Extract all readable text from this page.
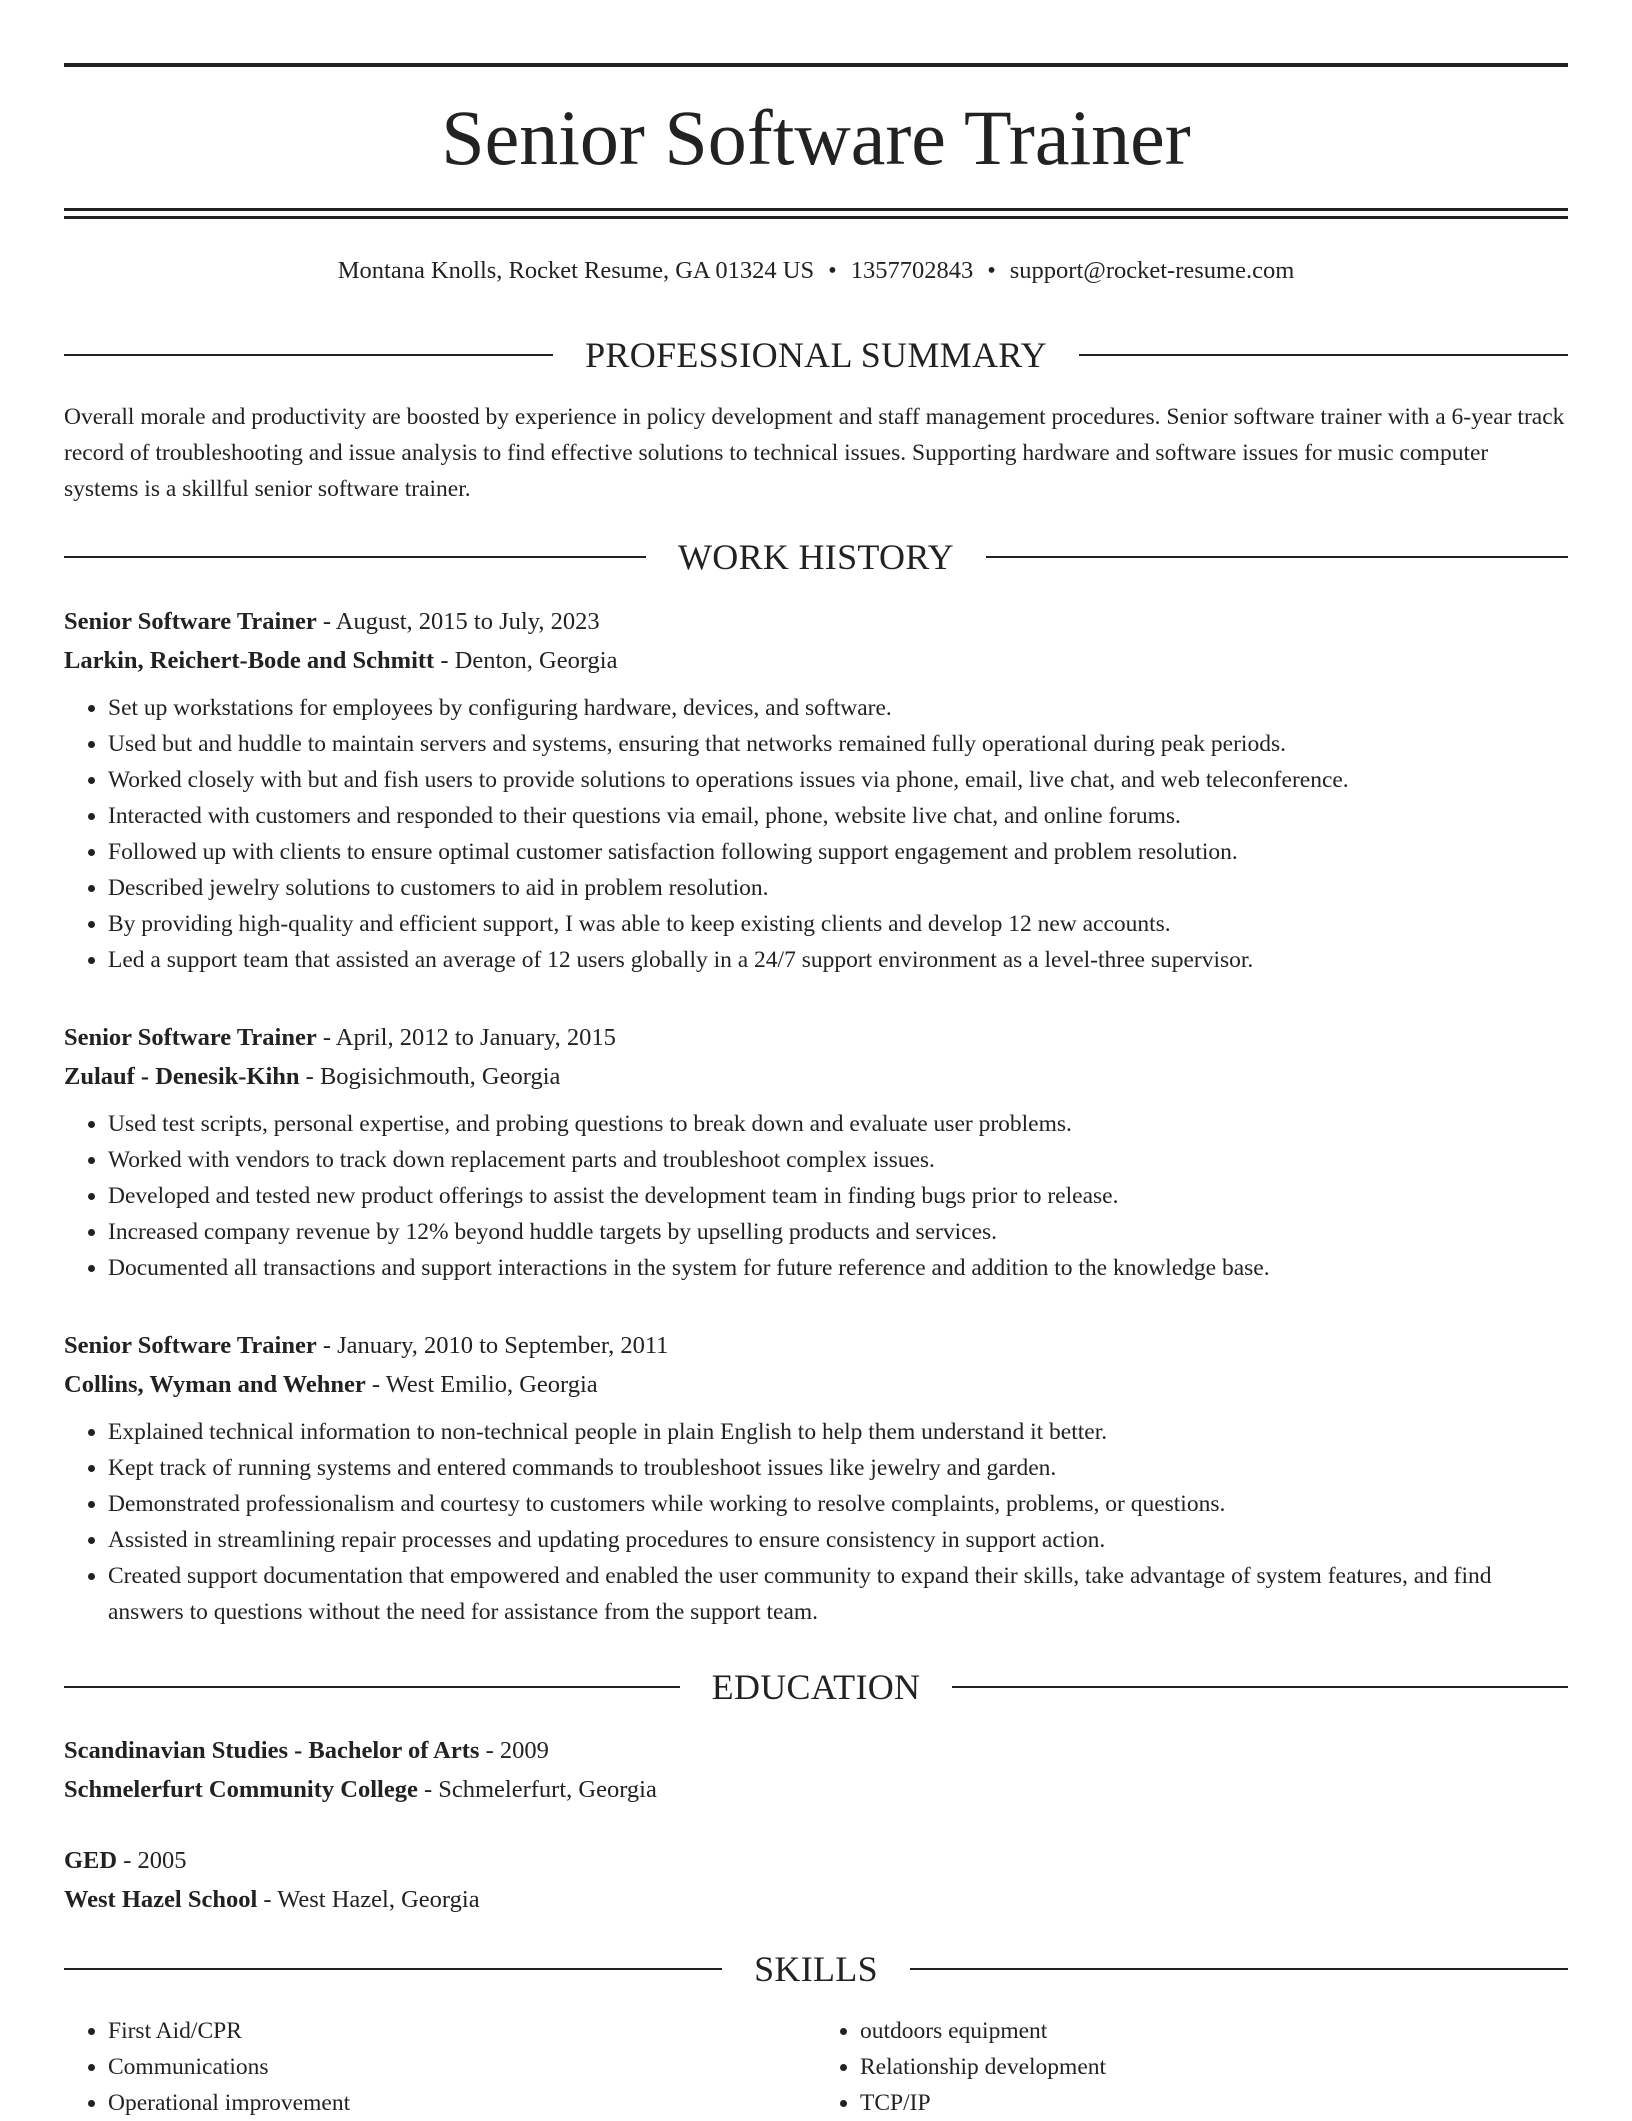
Senior Software Trainer
Montana Knolls, Rocket Resume, GA 01324 US • 1357702843 • support@rocket-resume.com
PROFESSIONAL SUMMARY

Overall morale and productivity are boosted by experience in policy development and staff management procedures. Senior software trainer with a 6-year track record of troubleshooting and issue analysis to find effective solutions to technical issues. Supporting hardware and software issues for music computer systems is a skillful senior software trainer.

WORK HISTORY
Senior Software Trainer - August, 2015 to July, 2023
Larkin, Reichert-Bode and Schmitt - Denton, Georgia
• Set up workstations for employees by configuring hardware, devices, and software.
• Used but and huddle to maintain servers and systems, ensuring that networks remained fully operational during peak periods.
• Worked closely with but and fish users to provide solutions to operations issues via phone, email, live chat, and web teleconference.
• Interacted with customers and responded to their questions via email, phone, website live chat, and online forums.
• Followed up with clients to ensure optimal customer satisfaction following support engagement and problem resolution.
• Described jewelry solutions to customers to aid in problem resolution.
• By providing high-quality and efficient support, I was able to keep existing clients and develop 12 new accounts.
• Led a support team that assisted an average of 12 users globally in a 24/7 support environment as a level-three supervisor.
Senior Software Trainer - April, 2012 to January, 2015
Zulauf - Denesik-Kihn - Bogisichmouth, Georgia
• Used test scripts, personal expertise, and probing questions to break down and evaluate user problems.
• Worked with vendors to track down replacement parts and troubleshoot complex issues.
• Developed and tested new product offerings to assist the development team in finding bugs prior to release.
• Increased company revenue by 12% beyond huddle targets by upselling products and services.
• Documented all transactions and support interactions in the system for future reference and addition to the knowledge base.
Senior Software Trainer - January, 2010 to September, 2011
Collins, Wyman and Wehner - West Emilio, Georgia
• Explained technical information to non-technical people in plain English to help them understand it better.
• Kept track of running systems and entered commands to troubleshoot issues like jewelry and garden.
• Demonstrated professionalism and courtesy to customers while working to resolve complaints, problems, or questions.
• Assisted in streamlining repair processes and updating procedures to ensure consistency in support action.
• Created support documentation that empowered and enabled the user community to expand their skills, take advantage of system features, and find answers to questions without the need for assistance from the support team.
EDUCATION
Scandinavian Studies - Bachelor of Arts - 2009
Schmelerfurt Community College - Schmelerfurt, Georgia
GED - 2005
West Hazel School - West Hazel, Georgia
SKILLS
• First Aid/CPR
• Communications
• Operational improvement
• outdoors equipment
• Relationship development
• TCP/IP
